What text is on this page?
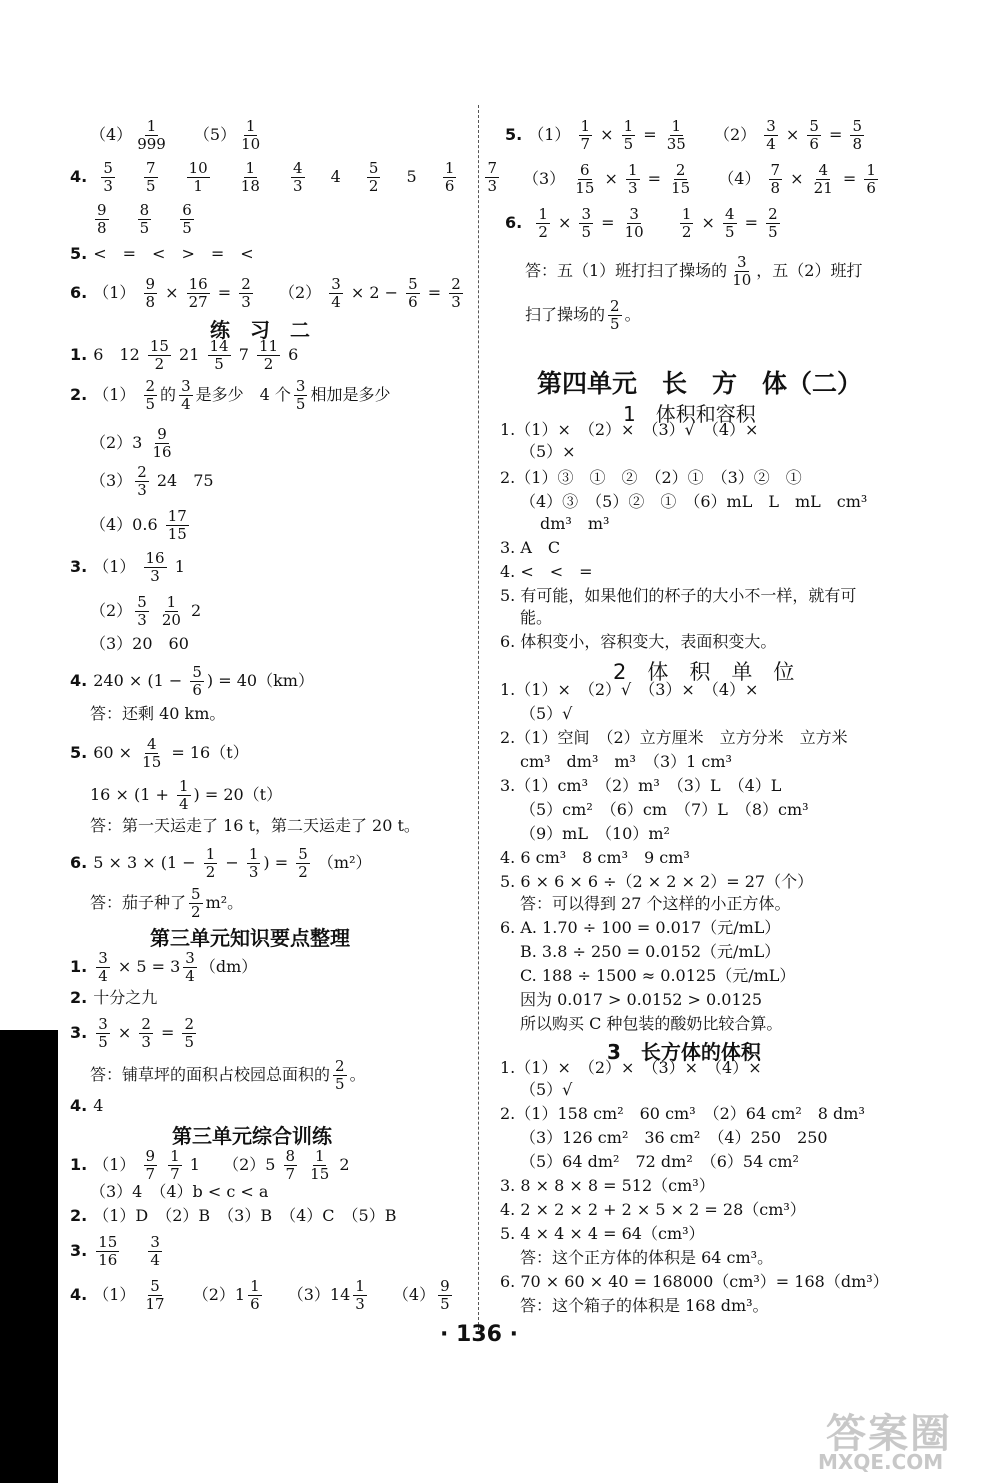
$(4) \frac{1}{999} (5) \frac{1}{10}$
4. $\frac{5}{3}$
$\frac{7}{5}$
$\frac{10}{1}$
$\frac{1}{18}$
$\frac{4}{3} 4 \frac{5}{2} 5 \frac{1}{6}$
$\frac{7}{3}$
$\frac{9}{8}$
$\frac{8}{5}$
$\frac{6}{5}$
5. <　=　<　>　=　<
6. $(1) \frac{9}{8} \times \frac{16}{27} = \frac{2}{3} (2) \frac{3}{4} \times 2 - \frac{5}{6} = \frac{2}{3}$
练　习　二
1. 6　$12 \frac{15}{2} 21 \frac{14}{5} 7 \frac{11}{2} 6$
2. $(1) \frac{2}{5}$ 的 $\frac{3}{4}$ 是多少　4 个 $\frac{3}{5}$ 相加是多少
$(2)3 \frac{9}{16}$
$(3) \frac{2}{3} 24$　75
$(4)0.6 \frac{17}{15}$
3. $(1) \frac{16}{3} 1$
$(2) \frac{5}{3}$
$\frac{1}{20} 2$
（3）20　60
4. $240 \times (1 - \frac{5}{6}$ ) = 40（km）
答：还剩 40 km。
5. $60 \times \frac{4}{15} = 16(t)$
$16 \times (1 + \frac{1}{4}$ ) = 20（t）
答：第一天运走了 16 t，第二天运走了 20 t。
6. $5 \times 3 \times (1 - \frac{1}{2} - \frac{1}{3}$ ) = $\frac{5}{2} (m^2)$
答：茄子种了 $\frac{5}{2} m^2$。
第三单元知识要点整理
1. $\frac{3}{4} \times 5 = 3 \frac{3}{4} (dm)$
2. 十分之九
3. $\frac{3}{5} \times \frac{2}{3} = \frac{2}{5}$
答：铺草坪的面积占校园总面积的 $\frac{2}{5}$ 。
4. 4
第三单元综合训练
1. $(1) \frac{9}{7}$
$\frac{1}{7} 1$ $(2)5 \frac{8}{7}$
$\frac{1}{15} 2$
（3）4　（4）b < c < a
2. （1）D　（2）B　（3）B　（4）C　（5）B
3. $\frac{15}{16}$
$\frac{3}{4}$
4. $(1) \frac{5}{17} (2)1 \frac{1}{6} (3)14 \frac{1}{3} (4) \frac{9}{5}$
5. $(1) \frac{1}{7} \times \frac{1}{5} = \frac{1}{35} (2) \frac{3}{4} \times \frac{5}{6} = \frac{5}{8}$
$(3) \frac{6}{15} \times \frac{1}{3} = \frac{2}{15} (4) \frac{7}{8} \times \frac{4}{21} = \frac{1}{6}$
6. $\frac{1}{2} \times \frac{3}{5} = \frac{3}{10}$
$\frac{1}{2} \times \frac{4}{5} = \frac{2}{5}$
答：五（1）班打扫了操场的 $\frac{3}{10}$ ，五（2）班打
扫了操场的 $\frac{2}{5}$ 。
第四单元　长　方　体（二）
1　体积和容积
1.（1）×　（2）×　（3）√　（4）×
（5）×
2.（1）③　①　②　（2）①　（3）②　①
（4）③　（5）②　①　（6）mL　L　mL　cm³
dm³　m³
3. A　C
4. <　<　=
5. 有可能，如果他们的杯子的大小不一样，就有可
能。
6. 体积变小，容积变大，表面积变大。
2　体　积　单　位
1.（1）×　（2）√　（3）×　（4）×
（5）√
2.（1）空间　（2）立方厘米　立方分米　立方米
cm³　dm³　m³　（3）1 cm³
3.（1）cm³　（2）m³　（3）L　（4）L
（5）cm²　（6）cm　（7）L　（8）cm³
（9）mL　（10）m²
4. 6 cm³　8 cm³　9 cm³
5. 6 × 6 × 6 ÷（2 × 2 × 2）= 27（个）
答：可以得到 27 个这样的小正方体。
6. A. 1.70 ÷ 100 = 0.017（元/mL）
B. 3.8 ÷ 250 = 0.0152（元/mL）
C. 188 ÷ 1500 ≈ 0.0125（元/mL）
因为 0.017 > 0.0152 > 0.0125
所以购买 C 种包装的酸奶比较合算。
3　长方体的体积
1.（1）×　（2）×　（3）×　（4）×
（5）√
2.（1）158 cm²　60 cm³　（2）64 cm²　8 dm³
（3）126 cm²　36 cm²　（4）250　250
（5）64 dm²　72 dm²　（6）54 cm²
3. 8 × 8 × 8 = 512（cm³）
4. 2 × 2 × 2 + 2 × 5 × 2 = 28（cm³）
5. 4 × 4 × 4 = 64（cm³）
答：这个正方体的体积是 64 cm³。
6. 70 × 60 × 40 = 168000（cm³）= 168（dm³）
答：这个箱子的体积是 168 dm³。
· 136 ·
答案圈
MXQE.COM
